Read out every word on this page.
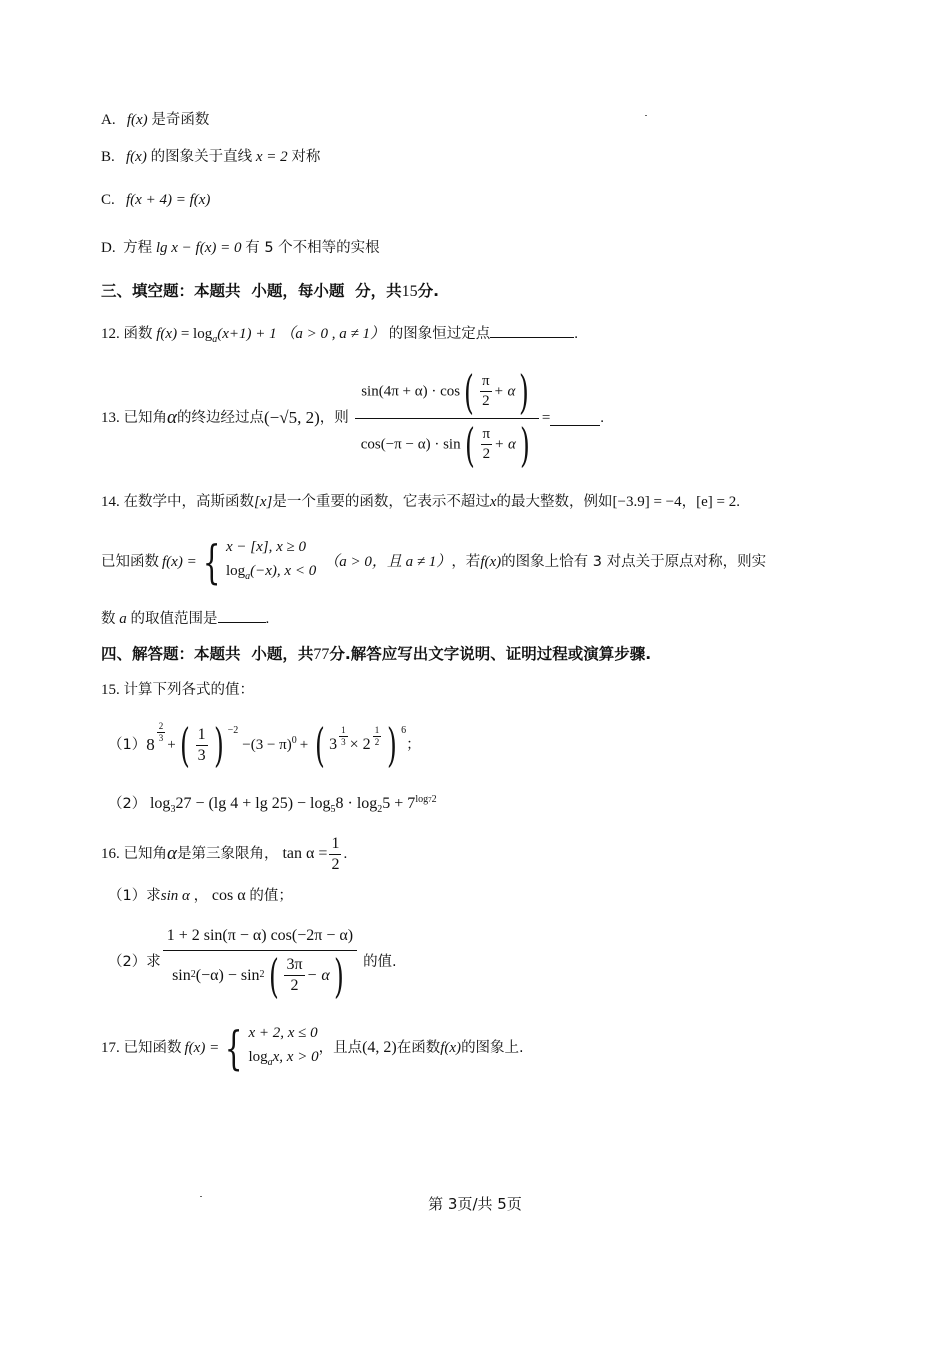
A. f(x) 是奇函数
B. f(x) 的图象关于直线 x = 2 对称
C. f(x + 4) = f(x)
D. 方程 lg x − f(x) = 0 有 5 个不相等的实根
三、填空题：本题共 小题，每小题 分，共15分.
12. 函数 $f(x) = \log_a(x+1) + 1$ （a > 0 , a ≠ 1） 的图象恒过定点	.
13.
已知角 α 的终边经过点 (−√5, 2) ，则 $\frac{\sin(4\pi + \alpha) \cdot \cos( \frac{\pi}{2} + \alpha)}{\cos(-\pi - \alpha) \cdot \sin( \frac{\pi}{2} + \alpha)}$ =	.
14. 在数学中，高斯函数[x]是一个重要的函数，它表示不超过x的最大整数，例如[−3.9] = −4，[e] = 2.
已知函数 f(x) = { x − [x], x ≥ 0
$\log_a(-x)$, x < 0
（a > 0，且 a ≠ 1） ，若 f(x) 的图象上恰有 3 对点关于原点对称，则实
数 a 的取值范围是	.
四、解答题：本题共 小题，共77分.解答应写出文字说明、证明过程或演算步骤.
15. 计算下列各式的值：
（1） $8 \frac{2}{3}$
+ ( $\frac{1}{3}$ ) $^{-2}$
$-(3 - \pi)^0$ + ( $3 \frac{1}{3} \times 2 \frac{1}{2}$ ) $^6$
；
（2） $\log_327 - (\lg$ $4 + \lg 25) - \log_58 \cdot \log_25 + 7^{log72}$
16.
已知角 α 是第三象限角， $\tan \alpha = \frac{1}{2}$ .
（1）求sin α ， cos α 的值；
（2）求 $\frac{1 + 2 \sin(\pi - \alpha) \cos(-2\pi - \alpha)}{\sin 2 (-\alpha) - \sin 2 ( \frac{3\pi}{2} - \alpha )}$ 的值.
17.
已知函数 f(x) = { x + 2, x ≤ 0
$\log_ax$, x > 0
，且点 (4, 2) 在函数 f(x) 的图象上.
第 3页/共 5页
